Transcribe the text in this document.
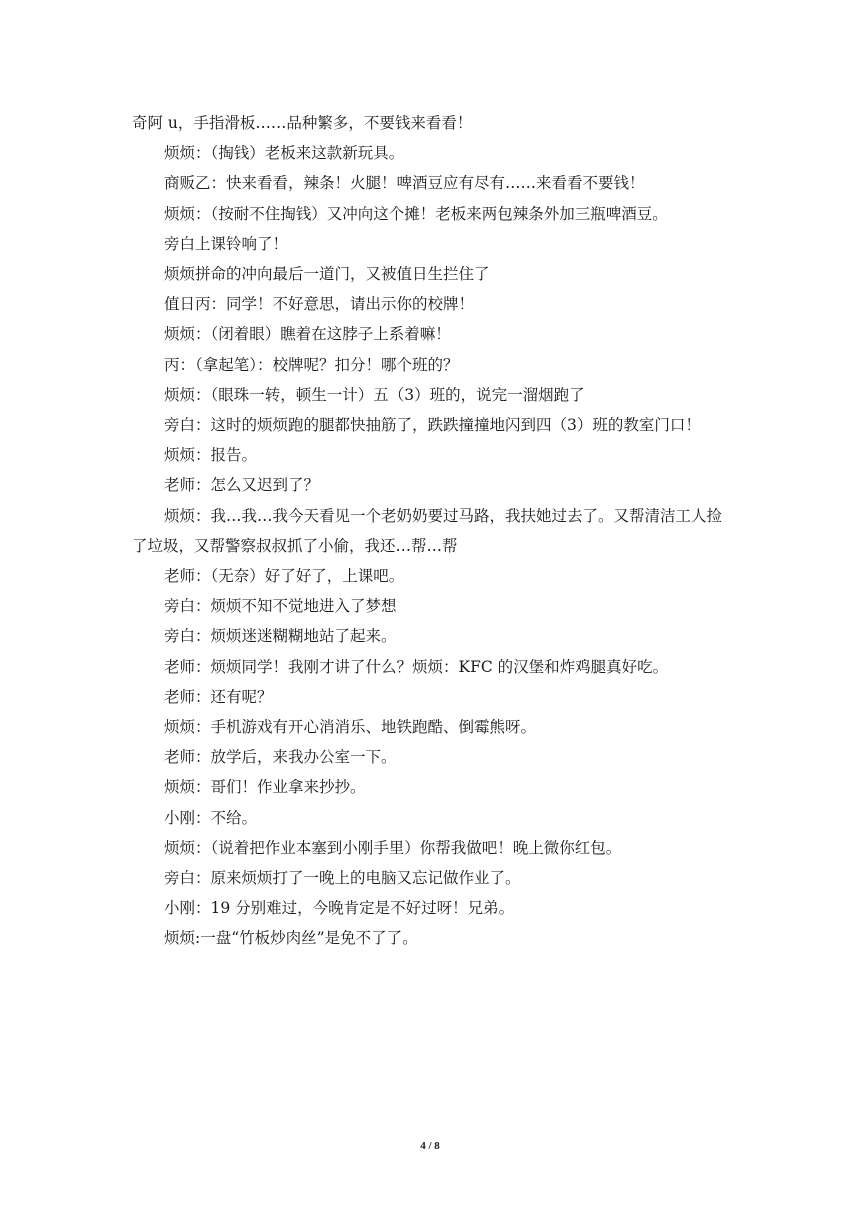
奇阿 u，手指滑板……品种繁多，不要钱来看看！

烦烦：（掏钱）老板来这款新玩具。

商贩乙：快来看看，辣条！火腿！啤酒豆应有尽有……来看看不要钱！

烦烦：（按耐不住掏钱）又冲向这个摊！老板来两包辣条外加三瓶啤酒豆。

旁白上课铃响了！

烦烦拼命的冲向最后一道门，又被值日生拦住了

值日丙：同学！不好意思，请出示你的校牌！

烦烦：（闭着眼）瞧着在这脖子上系着嘛！

丙：（拿起笔）：校牌呢？扣分！哪个班的？

烦烦：（眼珠一转，顿生一计）五（3）班的，说完一溜烟跑了

旁白：这时的烦烦跑的腿都快抽筋了，跌跌撞撞地闪到四（3）班的教室门口！

烦烦：报告。

老师：怎么又迟到了？

烦烦：我…我…我今天看见一个老奶奶要过马路，我扶她过去了。又帮清洁工人捡了垃圾，又帮警察叔叔抓了小偷，我还…帮…帮

老师：（无奈）好了好了，上课吧。

旁白：烦烦不知不觉地进入了梦想

旁白：烦烦迷迷糊糊地站了起来。

老师：烦烦同学！我刚才讲了什么？烦烦：KFC 的汉堡和炸鸡腿真好吃。

老师：还有呢？

烦烦：手机游戏有开心消消乐、地铁跑酷、倒霉熊呀。

老师：放学后，来我办公室一下。

烦烦：哥们！作业拿来抄抄。

小刚：不给。

烦烦：（说着把作业本塞到小刚手里）你帮我做吧！晚上微你红包。

旁白：原来烦烦打了一晚上的电脑又忘记做作业了。

小刚：19 分别难过，今晚肯定是不好过呀！兄弟。

烦烦:一盘“竹板炒肉丝”是免不了了。

4 / 8
